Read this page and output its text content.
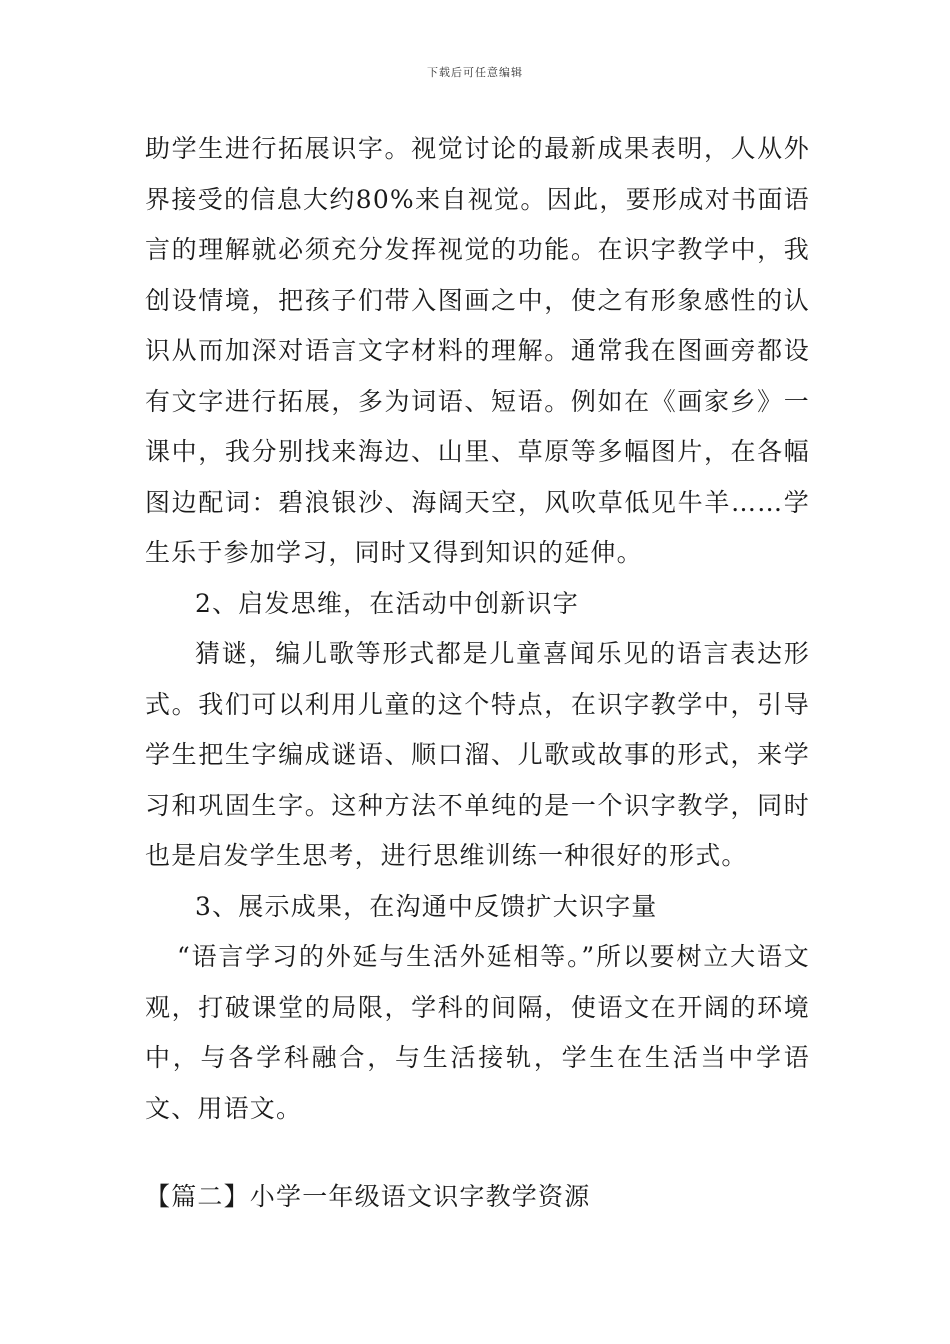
下载后可任意编辑

助学生进行拓展识字。视觉讨论的最新成果表明，人从外界接受的信息大约80%来自视觉。因此，要形成对书面语言的理解就必须充分发挥视觉的功能。在识字教学中，我创设情境，把孩子们带入图画之中，使之有形象感性的认识从而加深对语言文字材料的理解。通常我在图画旁都设有文字进行拓展，多为词语、短语。例如在《画家乡》一课中，我分别找来海边、山里、草原等多幅图片，在各幅图边配词：碧浪银沙、海阔天空，风吹草低见牛羊……学生乐于参加学习，同时又得到知识的延伸。

2、启发思维，在活动中创新识字

猜谜，编儿歌等形式都是儿童喜闻乐见的语言表达形式。我们可以利用儿童的这个特点，在识字教学中，引导学生把生字编成谜语、顺口溜、儿歌或故事的形式，来学习和巩固生字。这种方法不单纯的是一个识字教学，同时也是启发学生思考，进行思维训练一种很好的形式。

3、展示成果，在沟通中反馈扩大识字量

“语言学习的外延与生活外延相等。”所以要树立大语文观，打破课堂的局限，学科的间隔，使语文在开阔的环境中，与各学科融合，与生活接轨，学生在生活当中学语文、用语文。

【篇二】小学一年级语文识字教学资源
